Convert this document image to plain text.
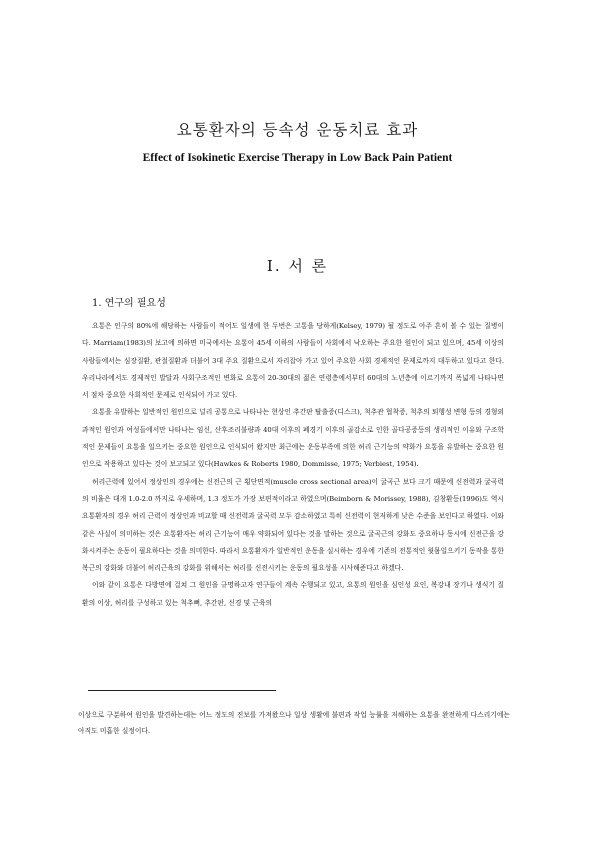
요통환자의 등속성 운동치료 효과
Effect of Isokinetic Exercise Therapy in Low Back Pain Patient
Ⅰ. 서 론
1. 연구의 필요성

요통은 인구의 80%에 해당하는 사람들이 적어도 일생에 한 두번은 고통을 당하게(Kelsey, 1979) 될 정도로 아주 흔히 볼 수 있는 질병이다. Marriam(1983)의 보고에 의하면 미국에서는 요통이 45세 이하의 사람들이 사회에서 낙오하는 주요한 원인이 되고 있으며, 45세 이상의 사람들에서는 심장질환, 관절질환과 더불어 3대 주요 질환으로서 자리잡아 가고 있어 주요한 사회 경제적인 문제로까지 대두하고 있다고 한다. 우리나라에서도 경제적인 발달과 사회구조적인 변화로 요통이 20-30대의 젊은 연령층에서부터 60대의 노년층에 이르기까지 폭넓게 나타나면서 점차 중요한 사회적인 문제로 인식되어 가고 있다.

요통을 유발하는 일반적인 원인으로 널리 공통으로 나타나는 현상인 추간판 탈출증(디스크), 척추관 협착증, 척추의 퇴행성 변형 등의 경형외과적인 원인과 여성들에서만 나타나는 임신, 산후조리불량과 40대 이후의 폐경기 이후의 골감소로 인한 골다공증등의 생리적인 이유와 구조학적인 문제들이 요통을 일으키는 중요한 원인으로 인식되어 왔지만 최근에는 운동부족에 의한 허리 근기능의 약화가 요통을 유발하는 중요한 원인으로 작용하고 있다는 것이 보고되고 있다(Hawkes & Roberts 1980, Dommisse, 1975; Verbiest, 1954).

허리근력에 있어서 정상인의 경우에는 신전근의 근 횡단면적(muscle cross sectional area)이 굴곡근 보다 크기 때문에 신전력과 굴곡력의 비율은 대개 1.0-2.0 까지로 우세하며, 1.3 정도가 가장 보편적이라고 하였으며(Beimborn & Morissey, 1988), 김창환등(1996)도 역시 요통환자의 경우 허리 근력이 정상인과 비교할 때 신전력과 굴곡력 모두 감소하였고 특히 신전력이 현저하게 낮은 수준을 보인다고 하였다. 이와 같은 사실이 의미하는 것은 요통환자는 허리 근기능이 매우 약화되어 있다는 것을 말하는 것으로 굴곡근의 강화도 중요하나 동시에 신전근을 강화시켜주는 운동이 필요하다는 것을 의미한다. 따라서 요통환자가 일반적인 운동을 실시하는 경우에 기존의 전통적인 윗몸일으키기 동작을 통한 복근의 강화와 더불어 허리근육의 강화를 위해서는 허리를 신전시키는 운동의 필요성을 시사해준다고 하겠다.

이와 같이 요통은 다방면에 걸쳐 그 원인을 규명하고자 연구들이 계속 수행되고 있고, 요통의 원인을 심인성 요인, 복강내 장기나 생식기 질환의 이상, 허리를 구성하고 있는 척추뼈, 추간판, 신경 및 근육의

이상으로 구분하여 원인을 발견하는데는 어느 정도의 진보를 가져왔으나 일상 생활에 불편과 작업 능률을 저해하는 요통을 완전하게 다스리기에는 아직도 미흡한 실정이다.
